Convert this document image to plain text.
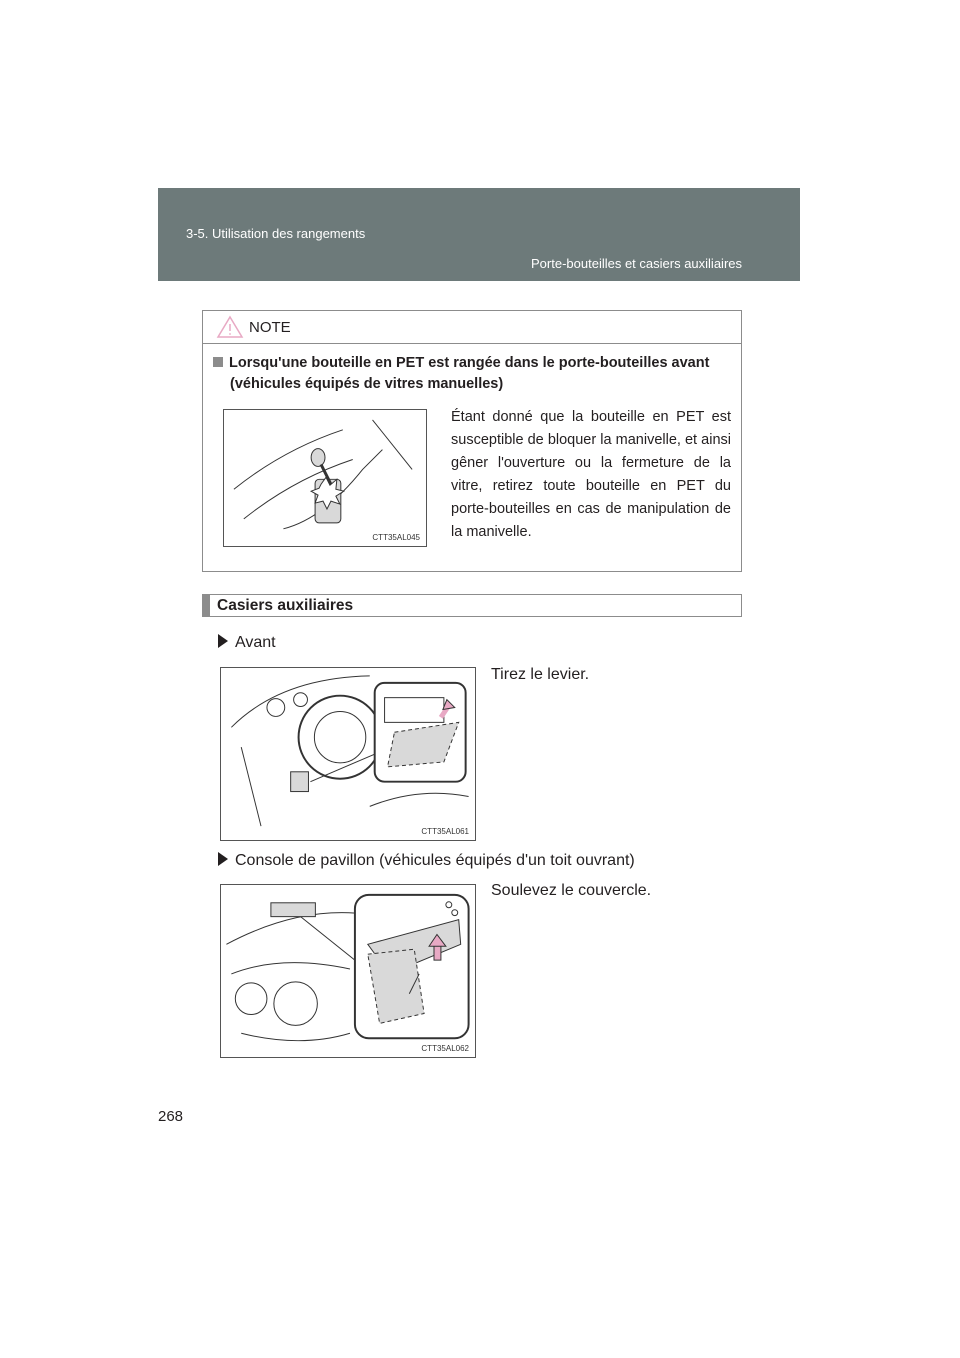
3-5. Utilisation des rangements
Porte-bouteilles et casiers auxiliaires
NOTE
Lorsqu'une bouteille en PET est rangée dans le porte-bouteilles avant
(véhicules équipés de vitres manuelles)
CTT35AL045
Étant donné que la bouteille en PET est susceptible de bloquer la manivelle, et ainsi gêner l'ouverture ou la fermeture de la vitre, retirez toute bouteille en PET du porte-bouteilles en cas de manipulation de la manivelle.
Casiers auxiliaires
Avant
CTT35AL061
Tirez le levier.
Console de pavillon (véhicules équipés d'un toit ouvrant)
CTT35AL062
Soulevez le couvercle.
268
